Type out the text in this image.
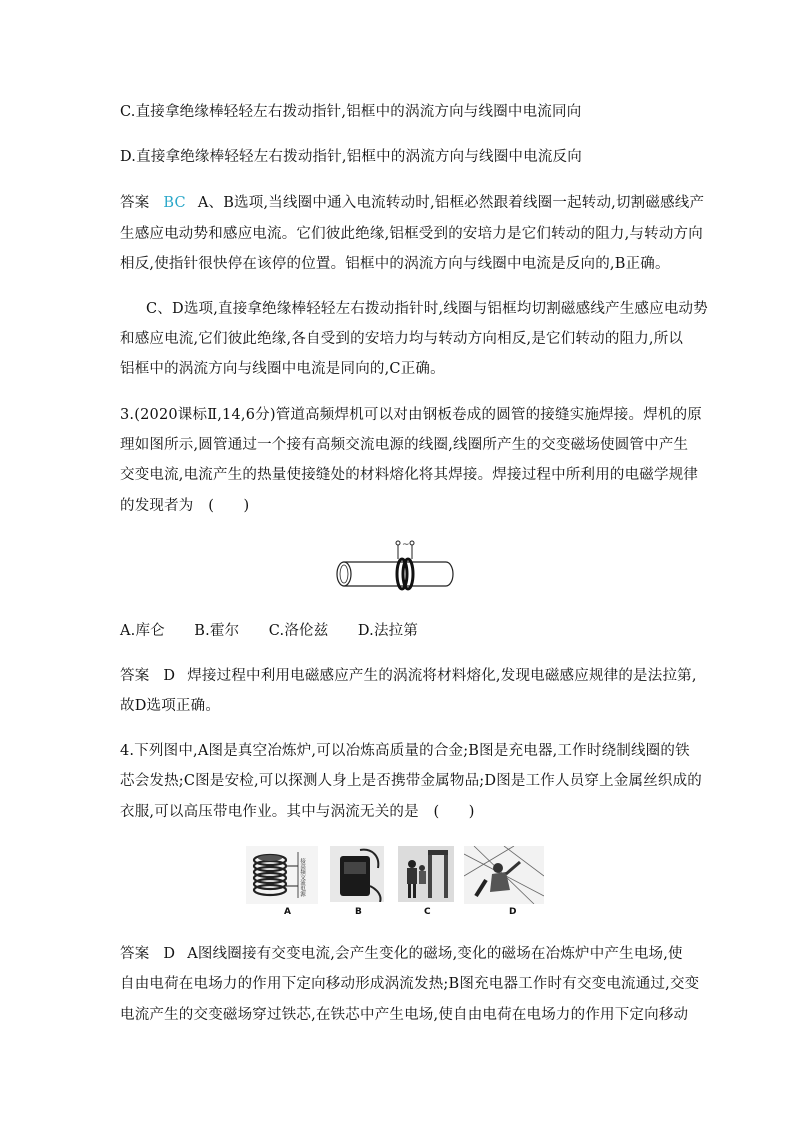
C.直接拿绝缘棒轻轻左右拨动指针,铝框中的涡流方向与线圈中电流同向
D.直接拿绝缘棒轻轻左右拨动指针,铝框中的涡流方向与线圈中电流反向
答案 BC A、B选项,当线圈中通入电流转动时,铝框必然跟着线圈一起转动,切割磁感线产
生感应电动势和感应电流。它们彼此绝缘,铝框受到的安培力是它们转动的阻力,与转动方向
相反,使指针很快停在该停的位置。铝框中的涡流方向与线圈中电流是反向的,B正确。
C、D选项,直接拿绝缘棒轻轻左右拨动指针时,线圈与铝框均切割磁感线产生感应电动势
和感应电流,它们彼此绝缘,各自受到的安培力均与转动方向相反,是它们转动的阻力,所以
铝框中的涡流方向与线圈中电流是同向的,C正确。
3.(2020课标Ⅱ,14,6分)管道高频焊机可以对由钢板卷成的圆管的接缝实施焊接。焊机的原
理如图所示,圆管通过一个接有高频交流电源的线圈,线圈所产生的交变磁场使圆管中产生
交变电流,电流产生的热量使接缝处的材料熔化将其焊接。焊接过程中所利用的电磁学规律
的发现者为　(　　)
~
A.库仑　　B.霍尔　　C.洛伦兹　　D.法拉第
答案 D 焊接过程中利用电磁感应产生的涡流将材料熔化,发现电磁感应规律的是法拉第,
故D选项正确。
4.下列图中,A图是真空冶炼炉,可以冶炼高质量的合金;B图是充电器,工作时绕制线圈的铁
芯会发热;C图是安检,可以探测人身上是否携带金属物品;D图是工作人员穿上金属丝织成的
衣服,可以高压带电作业。其中与涡流无关的是　(　　)
接高频交流电源
A	B	C	D
答案 D A图线圈接有交变电流,会产生变化的磁场,变化的磁场在冶炼炉中产生电场,使
自由电荷在电场力的作用下定向移动形成涡流发热;B图充电器工作时有交变电流通过,交变
电流产生的交变磁场穿过铁芯,在铁芯中产生电场,使自由电荷在电场力的作用下定向移动
